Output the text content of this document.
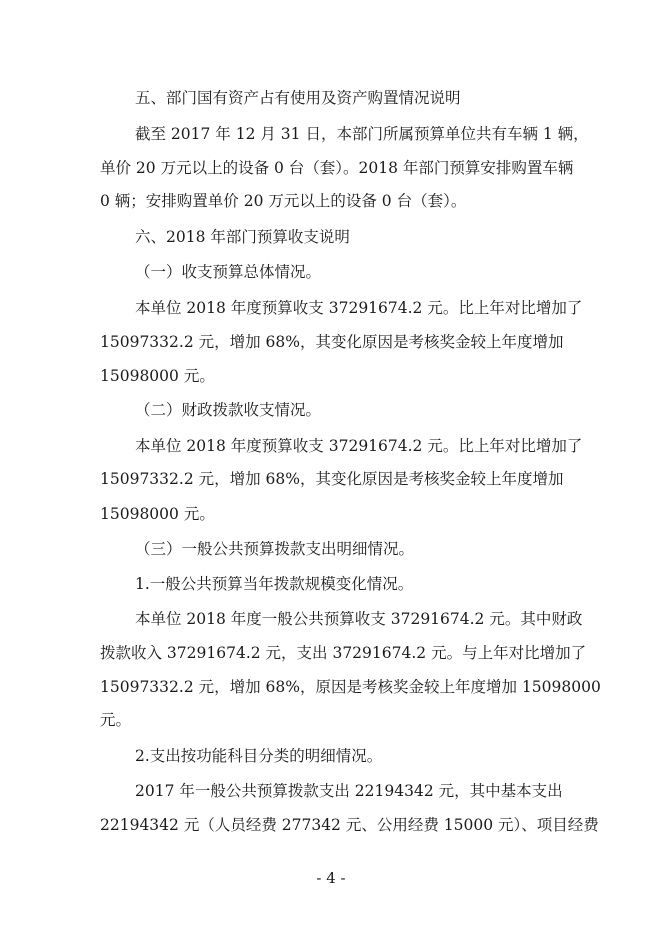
五、部门国有资产占有使用及资产购置情况说明

截至 2017 年 12 月 31 日，本部门所属预算单位共有车辆 1 辆，

单价 20 万元以上的设备 0 台（套）。2018 年部门预算安排购置车辆

0 辆；安排购置单价 20 万元以上的设备 0 台（套）。

六、2018 年部门预算收支说明

（一）收支预算总体情况。

本单位 2018 年度预算收支 37291674.2 元。比上年对比增加了

15097332.2 元，增加 68%，其变化原因是考核奖金较上年度增加

15098000 元。

（二）财政拨款收支情况。

本单位 2018 年度预算收支 37291674.2 元。比上年对比增加了

15097332.2 元，增加 68%，其变化原因是考核奖金较上年度增加

15098000 元。

（三）一般公共预算拨款支出明细情况。

1.一般公共预算当年拨款规模变化情况。

本单位 2018 年度一般公共预算收支 37291674.2 元。其中财政

拨款收入 37291674.2 元，支出 37291674.2 元。与上年对比增加了

15097332.2 元，增加 68%，原因是考核奖金较上年度增加 15098000

元。

2.支出按功能科目分类的明细情况。

2017 年一般公共预算拨款支出 22194342 元，其中基本支出

22194342 元（人员经费 277342 元、公用经费 15000 元）、项目经费

- 4 -
